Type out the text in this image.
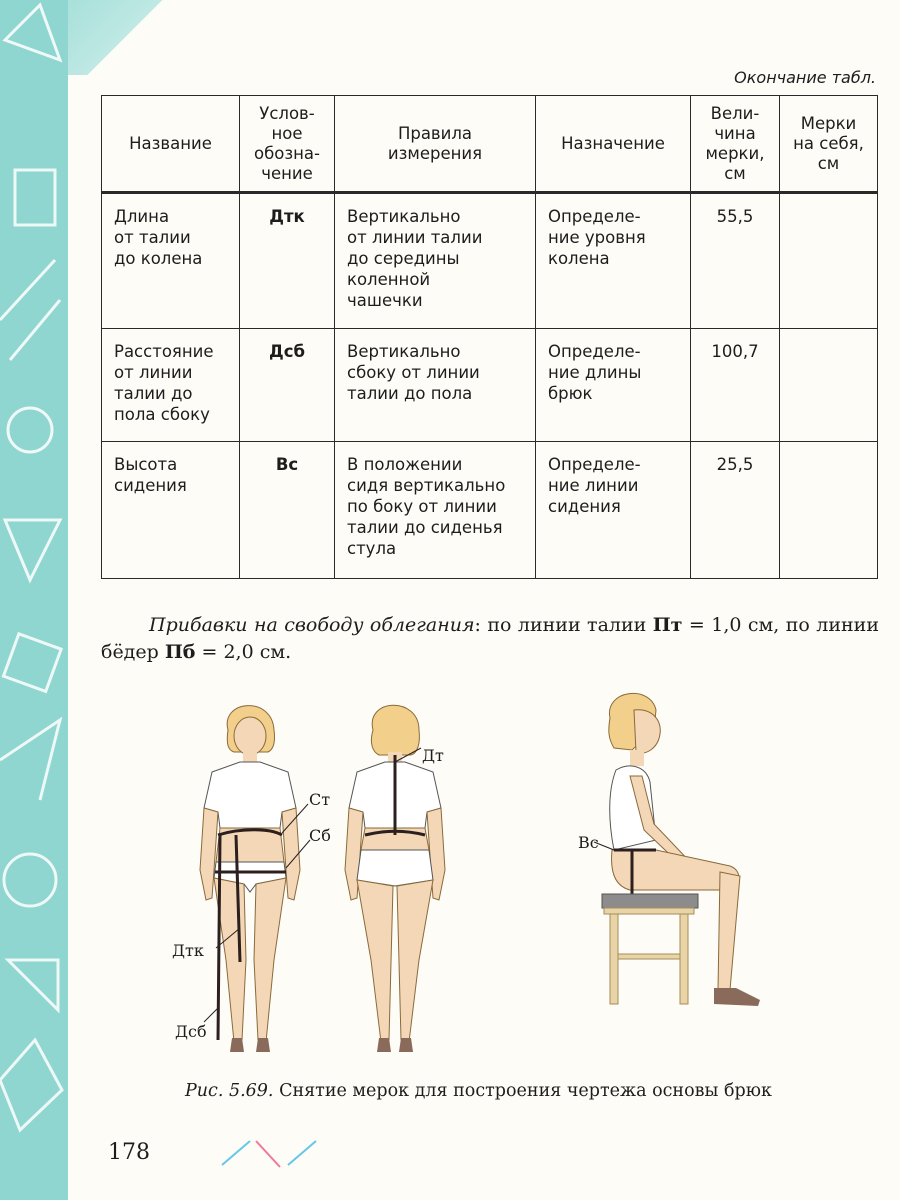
Окончание табл.
Название	Услов-
ное
обозна-
чение	Правила
измерения	Назначение	Вели-
чина
мерки,
см	Мерки
на себя,
см

Длина
от талии
до колена	Дтк	Вертикально
от линии талии
до середины
коленной
чашечки	Определе-
ние уровня
колена	55,5	

Расстояние
от линии
талии до
пола сбоку	Дсб	Вертикально
сбоку от линии
талии до пола	Определе-
ние длины
брюк	100,7	

Высота
сидения	Вс	В положении
сидя вертикально
по боку от линии
талии до сиденья
стула	Определе-
ние линии
сидения	25,5	

Прибавки на свободу облегания: по линии талии Пт = 1,0 см, по линии бёдер Пб = 2,0 см.
Ст
Сб
Дт
Дтк
Дсб
Вс
Рис. 5.69. Снятие мерок для построения чертежа основы брюк
178
